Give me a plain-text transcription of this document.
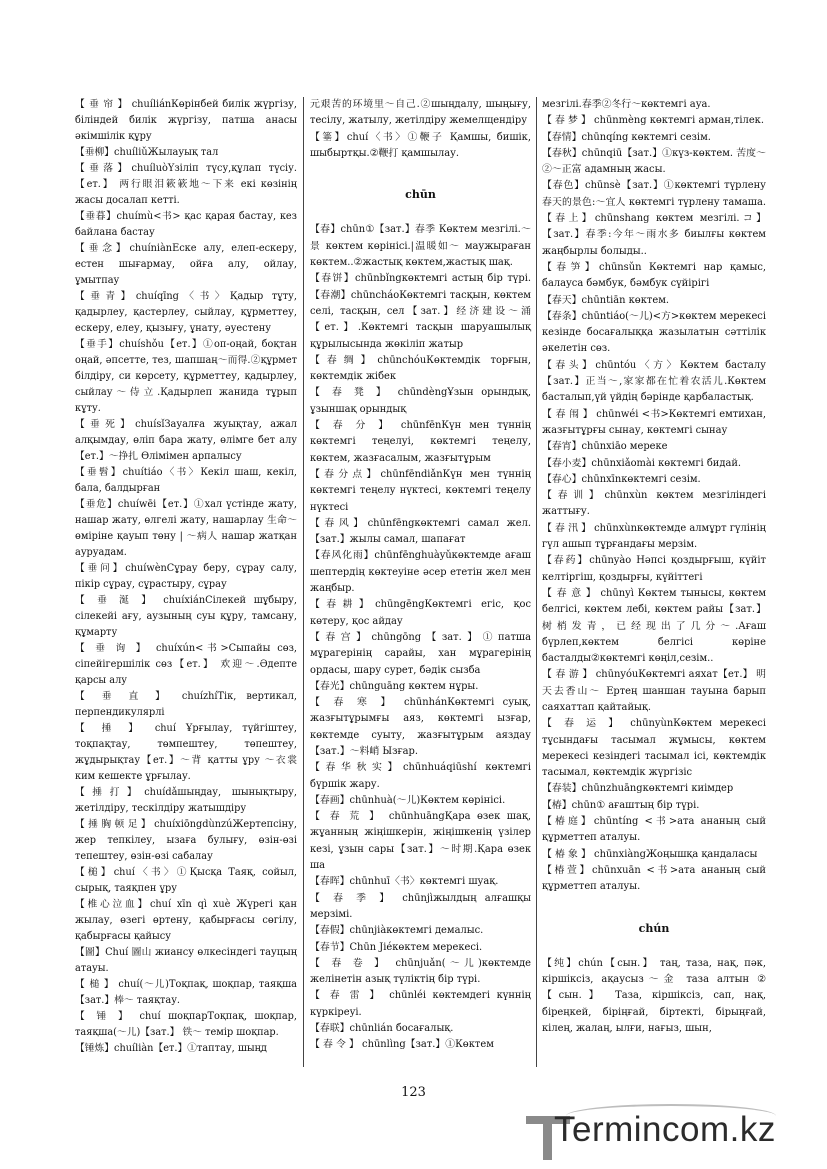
【 垂 帘 】 chuíliánКөрінбей билік жүргізу, біліндей билік жүргізу, патша анасы әкімшілік құру

【垂柳】chuíliǔЖылауық тал

【垂落】chuíluòҮзіліп түсу,құлап түсіу.【ет.】 两行眼泪簌簌地～下来 екі көзінің жасы досалап кетті.

【垂暮】chuímù<书> қас қарая бастау, кез байлана бастау

【垂念】chuíniànЕске алу, елеп-ескеру, естен шығармау, ойға алу, ойлау, ұмытпау

【垂青】chuíqīng〈书〉Қадыр тұту, қадырлеу, қастерлеу, сыйлау, құрметтеу, ескеру, елеу, қызығу, ұнату, әуестену

【垂手】chuíshǒu【ет.】①оп-оңай, боқтан оңай, әпсетте, тез, шапшаң～而得.②құрмет білдіру, си көрсету, құрметтеу, қадырлеу, сыйлау～侍立.Қадырлеп жанида тұрып кұту.

【垂死】chuísǐЗауалға жуықтау, ажал алқымдау, өліп бара жату, өлімге бет алу【ет.】～挣扎 Өлімімен арпалысу

【垂髫】chuítiáo〈书〉Кекіл шаш, кекіл, бала, балдырған

【垂危】chuíwēi【ет.】①хал үстінде жату, нашар жату, өлгелі жату, нашарлау 生命～ өміріне қауып төну | ～病人 нашар жатқан ауруадам.

【垂问】chuíwènСұрау беру, сұрау салу, пікір сұрау, сұрастыру, сұрау

【 垂 涎 】 chuíxiánСілекей шұбыру, сілекейі ағу, аузының суы құру, тамсану, құмарту

【 垂 询 】 chuíxún<书>Сыпайы сөз, сіпейігершілік сөз【ет.】 欢迎～.Әдепте қарсы алу

【 垂 直 】 chuízhíТік, вертикал, перпендикулярлі

【 捶 】 chuí Ұрғылау, түйгіштеу, тоқпақтау, төмпештеу, төпештеу, жұдырықтау【ет.】～背 қатты ұру ～衣裳 ким кешекте ұрғылау.

【捶打】chuídǎшыңдау, шынықтыру, жетілдіру, тескілдіру жатышдіру

【 捶 胸 顿 足 】 chuíxiōngdùnzúЖертепсіну, жер тепкілеу, ызаға булығу, өзін-өзі тепештеу, өзін-өзі сабалау

【槌】chuí〈书〉①Қысқа Таяқ, сойыл, сырық, таяқпен ұру

【椎心泣血】chuí xīn qì xuè Жүрегі қан жылау, өзегі өртену, қабырғасы сөгілу, қабырғасы қайысу

【圖】Chuí 圖山 жиансу өлкесіндегі тауцың атауы.

【 槌 】 chuí(～儿)Тоқпақ, шоқпар, таяқша【зат.】棒～ таяқтау.

【 锤 】 chuí шоқпарТоқпақ, шоқпар, таяқша(～儿)【зат.】 铁～ темір шоқпар.

【锤炼】chuíliàn【ет.】①таптау, шыңд

元艰苦的环境里～自己.②шыңдалу, шыңығу, тесілу, жатылу, жетілдіру жемелщендіру

【箠】chuí〈书〉①鞭子 Қамшы, бишік, шыбыртқы.②鞭打 қамшылау.

chūn

【春】chūn①【зат.】春季 Көктем мезгілі.～景 көктем көрінісі.|温暖如～ маужыраған көктем..②жастық көктем,жастық шақ.

【春饼】chūnbǐngкөктемгі астың бір түрі.【春潮】chūncháoКөктемгі тасқын, көктем селі, тасқын, сел【зат.】经济建设～涌【ет.】.Көктемгі тасқын шаруашылық құрылысында жөкіліп жатыр

【春绸】chūnchóuКөктемдік торғын, көктемдік жібек

【 春 凳 】 chūndèngҰзын орындық, ұзыншақ орындық

【 春 分 】 chūnfēnКүн мен түннің көктемгі теңелуі, көктемгі теңелу, көктем, жазғасалым, жазғытұрым

【春分点】chūnfēndiǎnКүн мен түннің көктемгі теңелу нүктесі, көктемгі теңелу нүктесі

【春风】chūnfēngкөктемгі самал жел.【зат.】жылы самал, шапағат

【春风化雨】chūnfēnghuàyǔкөктемде ағаш шептердің көктеуіне әсер ететін жел мен жаңбыр.

【春耕】chūngēngКөктемгі егіс, қос көтеру, қос айдау

【春宫】chūngōng【зат.】①патша мұрагерінің сарайы, хан мұрагерінің ордасы, шару сурет, бәдік сызба

【春光】chūnguāng көктем нұры.

【 春 寒 】 chūnhánКөктемгі суық, жазғытұрымғы аяз, көктемгі ызғар, көктемде суыту, жазғытұрым аяздау【зат.】～料峭 Ызғар.

【春华秋实】chūnhuáqiūshí көктемгі бүршік жару.

【春画】chūnhuà(～儿)Көктем көрінісі.

【 春 荒 】 chūnhuāngҚара өзек шақ, жұанның жіңішкерін, жіңішкенің үзілер кезі, ұзын сары【зат.】～时期.Қара өзек ша

【春晖】chūnhuī〈书〉көктемгі шуақ.

【 春 季 】 chūnjìжылдың алғашқы мерзімі.

【春假】chūnjiàкөктемгі демалыс.

【春节】Chūn Jiéкөктем мерекесі.

【 春 卷 】 chūnjuǎn(～儿)көктемде желінетін азық түліктің бір түрі.

【 春 雷 】 chūnléi көктемдегі күннің күркіреуі.

【春联】chūnlián босағалық.

【 春 令 】 chūnlìng【зат.】①Көктем

мезгілі.春季②冬行～көктемгі ауа.

【 春 梦 】 chūnmèng көктемгі арман,тілек.

【春情】chūnqíng көктемгі сезім.

【春秋】chūnqiū【зат.】①күз-көктем. 苦度～②～正富 адамның жасы.

【春色】chūnsè【зат.】①көктемгі түрлену 春天的景色:～宜人 көктемгі түрлену тамаша.【春上】chūnshang көктем мезгілі.コ】【зат.】春季:今年～雨水多 биылғы көктем жаңбырлы болыды..

【春笋】chūnsǔn Көктемгі нар қамыс, балауса бәмбук, бәмбук сүйірігі

【春天】chūntiān көктем.

【春条】chūntiáo(～儿)<方>көктем мерекесі кезінде босағалыққа жазылатын сәттілік әкелетін сөз.

【春头】chūntóu〈方〉Көктем басталу【зат.】正当～,家家都在忙着农活儿.Көктем басталып,үй үйдің бәрінде қарбаластық.

【 春 闱 】 chūnwéi <书>Көктемгі емтихан, жазғытұрғы сынау, көктемгі сынау

【春宵】chūnxiāo мереке

【春小麦】chūnxiǎomài көктемгі бидай.

【春心】chūnxīnкөктемгі сезім.

【春训】chūnxùn көктем мезгіліндегі жаттығу.

【 春 汛 】 chūnxùnкөктемде алмұрт гүлінің гүл ашып тұрғандағы мерзім.

【春药】chūnyào Нәпсі қоздырғыш, күйіт келтіргіш, қоздырғы, күйіттегі

【 春 意 】 chūnyì Көктем тынысы, көктем белгісі, көктем лебі, көктем райы【зат.】树梢发青，已经现出了几分～.Ағаш бүрлеп,көктем белгісі көріне басталды②көктемгі көңіл,сезім..

【 春 游 】 chūnyóuКөктемгі аяхат【ет.】 明天去香山～ Ертең шаншан тауына барып саяхаттап қайтайық.

【 春 运 】 chūnyùnКөктем мерекесі тұсындағы тасымал жұмысы, көктем мерекесі кезіндегі тасымал ісі, көктемдік тасымал, көктемдік жүргізіс

【春装】chūnzhuāngкөктемгі киімдер

【椿】chūn① ағаштың бір түрі.

【椿庭】chūntíng <书>ата ананың сый құрметтеп аталуы.

【 椿 象 】 chūnxiàngЖоңышқа қандаласы

【椿萱】chūnxuān <书>ата ананың сый құрметтеп аталуы.

chún

【纯】chún【сын.】 таң, таза, нақ, пәк, кіршіксіз, ақаусыз～金 таза алтын ②【сын.】 Таза, кіршіксіз, сап, нақ, біреңкей, біріңғай, біртекті, бірыңғай, кілең, жалаң, ылғи, нағыз, шын,

123
Termincom.kz
